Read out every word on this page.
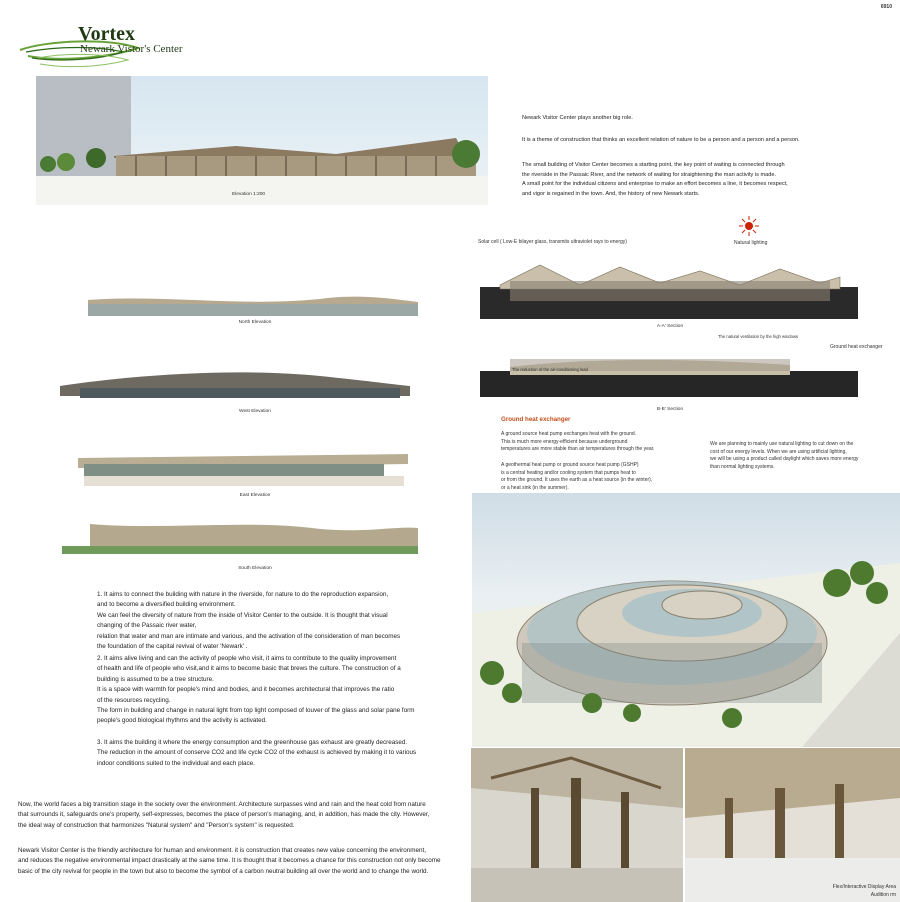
6910
Vortex
Newark Vistor's Center
Elevation 1:200
Newark Visitor Center plays another big role.
It is a theme of construction that thinks an excellent relation of nature to be a person and a person and a person.
The small building of Visitor Center becomes a starting point, the key point of waiting is connected through
the riverside in the Passaic River, and the network of waiting for straightening the man activity is made.
A small point for the individual citizens and enterprise to make an effort becomes a line, it becomes respect,
and vigor is regained in the town. And, the history of new Newark starts.
North Elevation
West Elevation
East Elevation
South Elevation
Solar cell ( Low-E bilayer glass, transmits ultraviolet rays to energy)	Natural lighting
A-A' Section
The natural ventilation by the high windows
Ground heat exchanger
The reduction of the air-conditioning load
B-B' Section
Ground heat exchanger
A ground source heat pump exchanges heat with the ground.
This is much more energy-efficient because underground
temperatures are more stable than air temperatures through the year.
A geothermal heat pump or ground source heat pump (GSHP)
is a central heating and/or cooling system that pumps heat to
or from the ground. It uses the earth as a heat source (in the winter),
or a heat sink (in the summer).
We are planning to mainly use natural lighting to cut down on the
cost of our energy levels. When we are using artificial lighting,
we will be using a product called daylight which saves more energy
than normal lighting systems.
1. It aims to connect the building with nature in the riverside, for nature to do the reproduction expansion,
and to become a diversified building environment.
We can feel the diversity of nature from the inside of Visitor Center to the outside. It is thought that visual
changing of the Passaic river water,
relation that water and man are intimate and various, and the activation of the consideration of man becomes
the foundation of the capital revival of water 'Newark' .
2. It aims alive living and can the activity of people who visit, it aims to contribute to the quality improvement
of health and life of people who visit,and it aims to become basic that brews the culture. The construction of a
building is assumed to be a tree structure.
It is a space with warmth for people's mind and bodies, and it becomes architectural that improves the ratio
of the resources recycling.
The form in building and change in natural light from top light composed of louver of the glass and solar pane form
people's good biological rhythms and the activity is activated.
3. It aims the building it where the energy consumption and the greenhouse gas exhaust are greatly decreased.
The reduction in the amount of conserve CO2 and life cycle CO2 of the exhaust is achieved by making it to various
indoor conditions suited to the individual and each place.
Now, the world faces a big transition stage in the society over the environment. Architecture surpasses wind and rain and the heat cold from nature
that surrounds it, safeguards one's property, self-expresses, becomes the place of person's managing, and, in addition, has made the city. However,
the ideal way of construction that harmonizes "Natural system" and "Person's system" is requested.
Newark Visitor Center is the friendly architecture for human and environment. it is construction that creates new value concerning the environment,
and reduces the negative environmental impact drastically at the same time. It is thought that it becomes a chance for this construction not only become
basic of the city revival for people in the town but also to become the symbol of a carbon neutral building all over the world and to change the world.
Flex/Interactive Display Area
Audition rm
